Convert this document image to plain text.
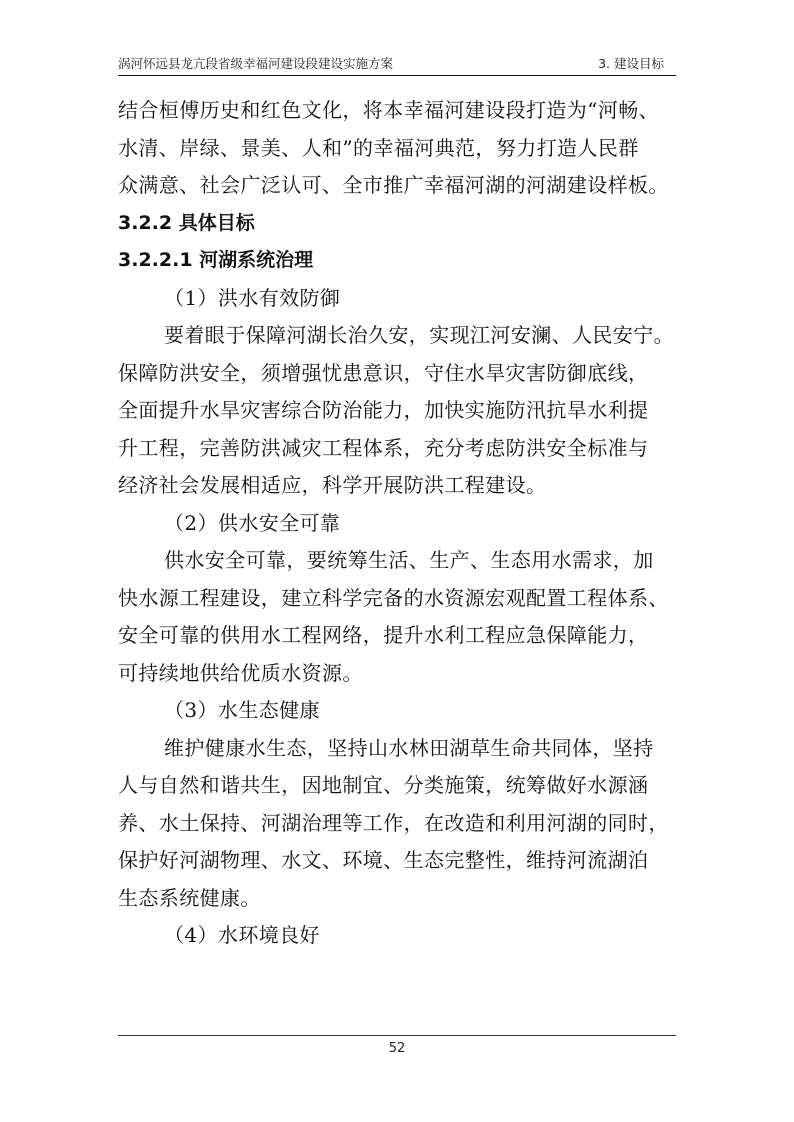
涡河怀远县龙亢段省级幸福河建设段建设实施方案	3. 建设目标
结合桓傅历史和红色文化，将本幸福河建设段打造为“河畅、
水清、岸绿、景美、人和”的幸福河典范，努力打造人民群
众满意、社会广泛认可、全市推广幸福河湖的河湖建设样板。
3.2.2 具体目标
3.2.2.1 河湖系统治理
（1）洪水有效防御
要着眼于保障河湖长治久安，实现江河安澜、人民安宁。
保障防洪安全，须增强忧患意识，守住水旱灾害防御底线，
全面提升水旱灾害综合防治能力，加快实施防汛抗旱水利提
升工程，完善防洪减灾工程体系，充分考虑防洪安全标准与
经济社会发展相适应，科学开展防洪工程建设。
（2）供水安全可靠
供水安全可靠，要统筹生活、生产、生态用水需求，加
快水源工程建设，建立科学完备的水资源宏观配置工程体系、
安全可靠的供用水工程网络，提升水利工程应急保障能力，
可持续地供给优质水资源。
（3）水生态健康
维护健康水生态，坚持山水林田湖草生命共同体，坚持
人与自然和谐共生，因地制宜、分类施策，统筹做好水源涵
养、水土保持、河湖治理等工作，在改造和利用河湖的同时，
保护好河湖物理、水文、环境、生态完整性，维持河流湖泊
生态系统健康。
（4）水环境良好
52
